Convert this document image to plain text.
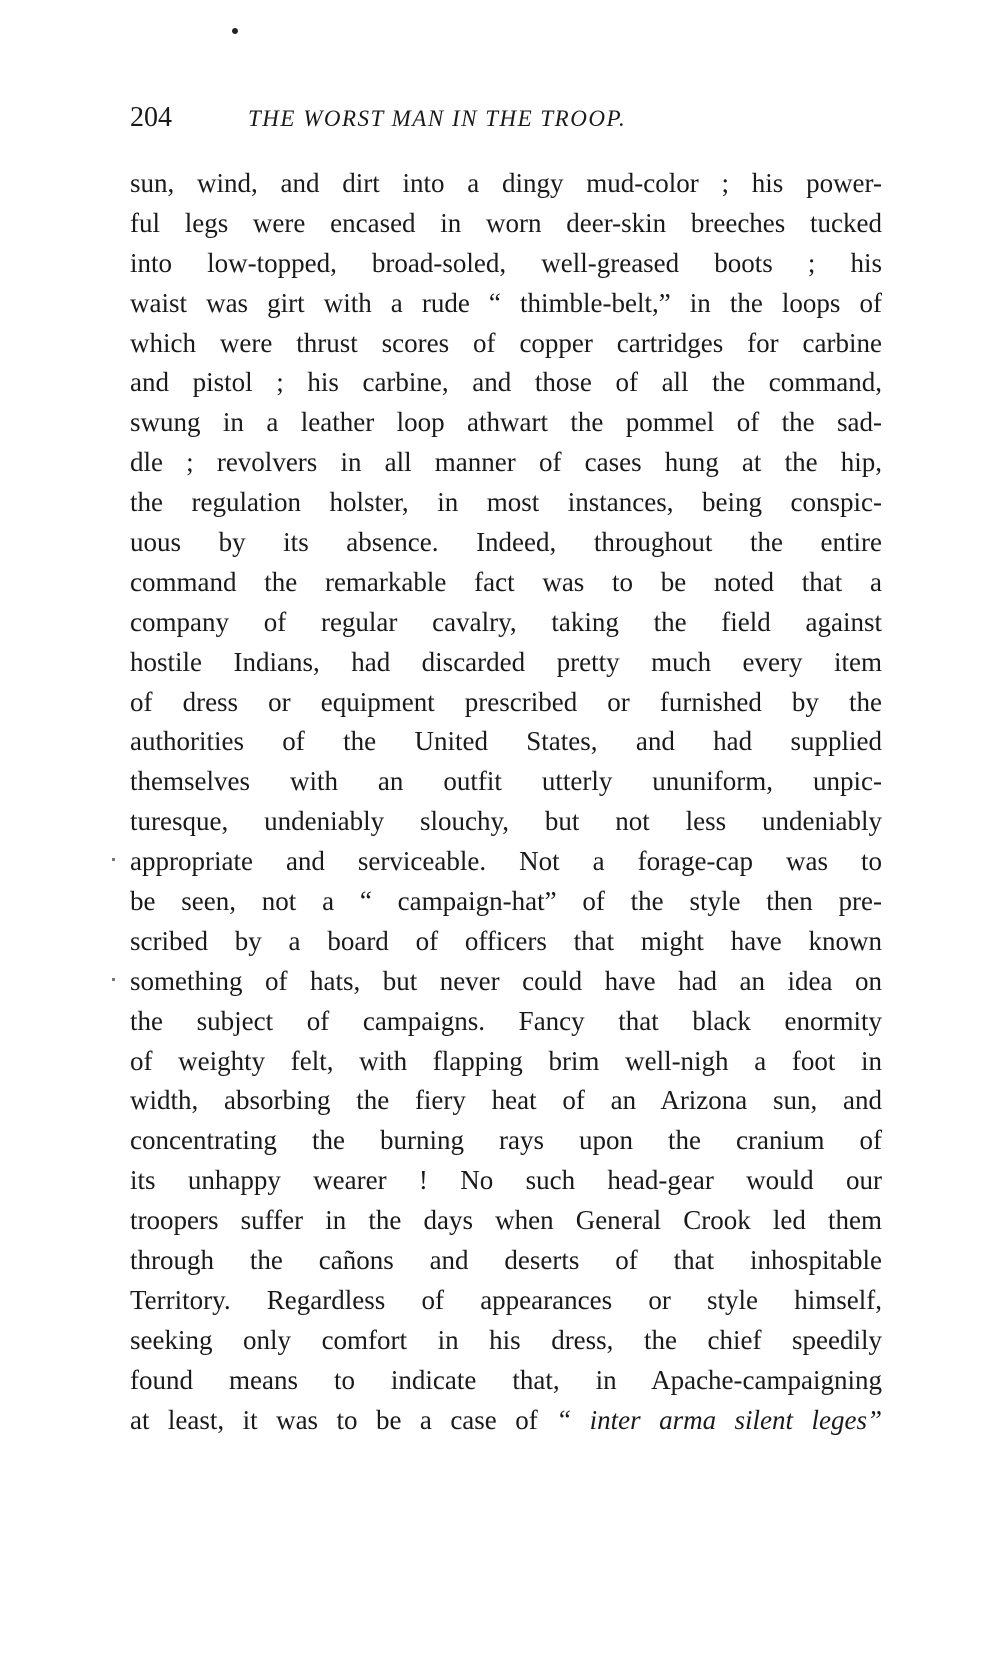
204	THE WORST MAN IN THE TROOP.
sun, wind, and dirt into a dingy mud-color ; his power-
ful legs were encased in worn deer-skin breeches tucked
into low-topped, broad-soled, well-greased boots ; his
waist was girt with a rude “ thimble-belt,” in the loops of
which were thrust scores of copper cartridges for carbine
and pistol ; his carbine, and those of all the command,
swung in a leather loop athwart the pommel of the sad-
dle ; revolvers in all manner of cases hung at the hip,
the regulation holster, in most instances, being conspic-
uous by its absence. Indeed, throughout the entire
command the remarkable fact was to be noted that a
company of regular cavalry, taking the field against
hostile Indians, had discarded pretty much every item
of dress or equipment prescribed or furnished by the
authorities of the United States, and had supplied
themselves with an outfit utterly ununiform, unpic-
turesque, undeniably slouchy, but not less undeniably
appropriate and serviceable. Not a forage-cap was to
be seen, not a “ campaign-hat” of the style then pre-
scribed by a board of officers that might have known
something of hats, but never could have had an idea on
the subject of campaigns. Fancy that black enormity
of weighty felt, with flapping brim well-nigh a foot in
width, absorbing the fiery heat of an Arizona sun, and
concentrating the burning rays upon the cranium of
its unhappy wearer ! No such head-gear would our
troopers suffer in the days when General Crook led them
through the cañons and deserts of that inhospitable
Territory. Regardless of appearances or style himself,
seeking only comfort in his dress, the chief speedily
found means to indicate that, in Apache-campaigning
at least, it was to be a case of “ inter arma silent leges”
